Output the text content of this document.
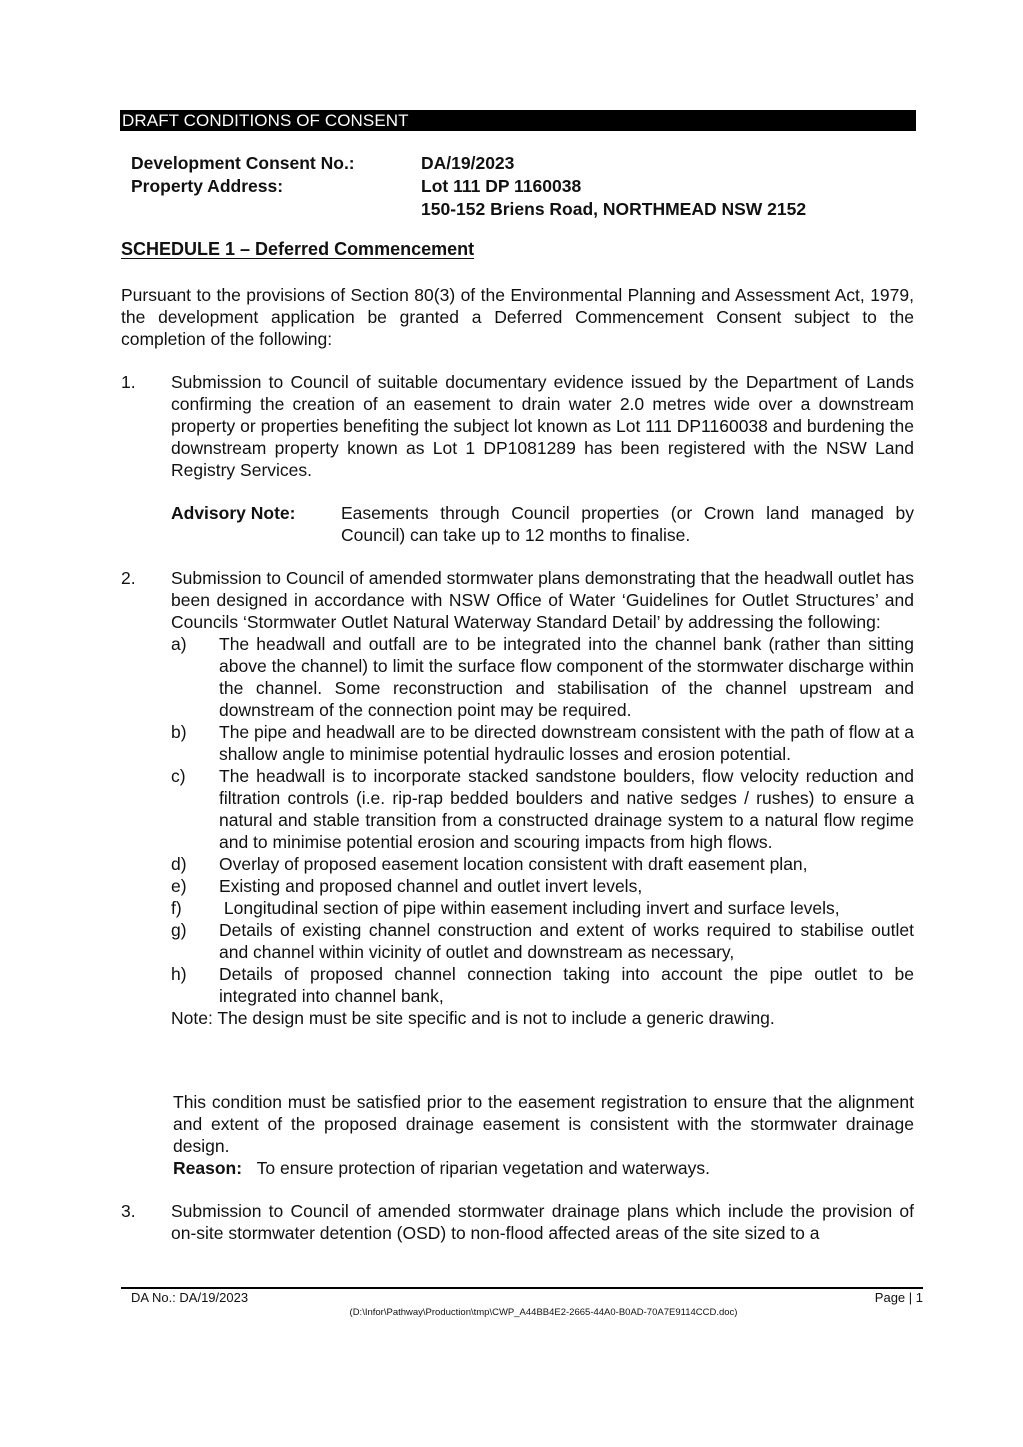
DRAFT CONDITIONS OF CONSENT
Development Consent No.:	DA/19/2023
Property Address:	Lot 111 DP 1160038
150-152 Briens Road, NORTHMEAD NSW 2152
SCHEDULE 1 – Deferred Commencement
Pursuant to the provisions of Section 80(3) of the Environmental Planning and Assessment Act, 1979, the development application be granted a Deferred Commencement Consent subject to the completion of the following:
1. Submission to Council of suitable documentary evidence issued by the Department of Lands confirming the creation of an easement to drain water 2.0 metres wide over a downstream property or properties benefiting the subject lot known as Lot 111 DP1160038 and burdening the downstream property known as Lot 1 DP1081289 has been registered with the NSW Land Registry Services.
Advisory Note:	Easements through Council properties (or Crown land managed by Council) can take up to 12 months to finalise.
2. Submission to Council of amended stormwater plans demonstrating that the headwall outlet has been designed in accordance with NSW Office of Water ‘Guidelines for Outlet Structures’ and Councils ‘Stormwater Outlet Natural Waterway Standard Detail’ by addressing the following:
a)	The headwall and outfall are to be integrated into the channel bank (rather than sitting above the channel) to limit the surface flow component of the stormwater discharge within the channel. Some reconstruction and stabilisation of the channel upstream and downstream of the connection point may be required.
b)	The pipe and headwall are to be directed downstream consistent with the path of flow at a shallow angle to minimise potential hydraulic losses and erosion potential.
c)	The headwall is to incorporate stacked sandstone boulders, flow velocity reduction and filtration controls (i.e. rip-rap bedded boulders and native sedges / rushes) to ensure a natural and stable transition from a constructed drainage system to a natural flow regime and to minimise potential erosion and scouring impacts from high flows.
d)	Overlay of proposed easement location consistent with draft easement plan,
e)	Existing and proposed channel and outlet invert levels,
f)	Longitudinal section of pipe within easement including invert and surface levels,
g)	Details of existing channel construction and extent of works required to stabilise outlet and channel within vicinity of outlet and downstream as necessary,
h)	Details of proposed channel connection taking into account the pipe outlet to be integrated into channel bank,
Note: The design must be site specific and is not to include a generic drawing.
This condition must be satisfied prior to the easement registration to ensure that the alignment and extent of the proposed drainage easement is consistent with the stormwater drainage design.
Reason: To ensure protection of riparian vegetation and waterways.
3. Submission to Council of amended stormwater drainage plans which include the provision of on-site stormwater detention (OSD) to non-flood affected areas of the site sized to a
DA No.: DA/19/2023	Page | 1
(D:\Infor\Pathway\Production\tmp\CWP_A44BB4E2-2665-44A0-B0AD-70A7E9114CCD.doc)
